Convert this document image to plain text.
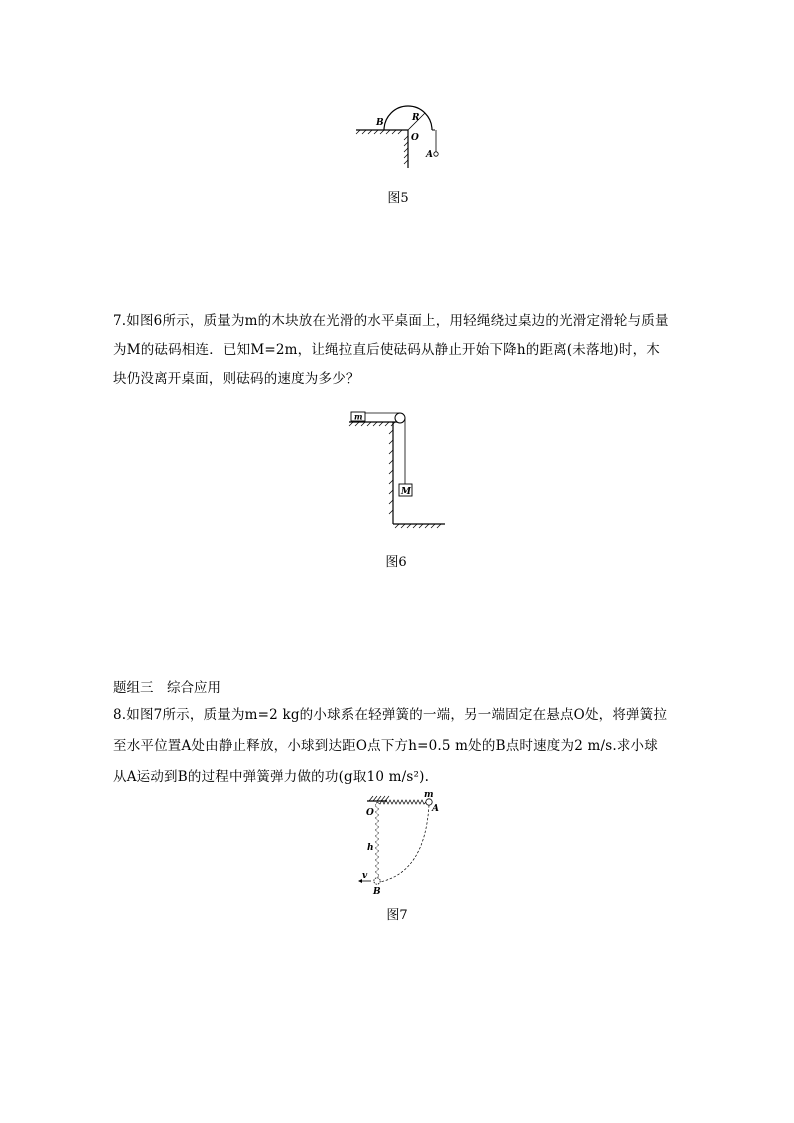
B	R
O
A
图5
7.如图6所示，质量为m的木块放在光滑的水平桌面上，用轻绳绕过桌边的光滑定滑轮与质量
为M的砝码相连．已知M=2m，让绳拉直后使砝码从静止开始下降h的距离(未落地)时，木
块仍没离开桌面，则砝码的速度为多少？
m
M
图6
题组三　综合应用
8.如图7所示，质量为m=2 kg的小球系在轻弹簧的一端，另一端固定在悬点O处，将弹簧拉
至水平位置A处由静止释放，小球到达距O点下方h=0.5 m处的B点时速度为2 m/s.求小球
从A运动到B的过程中弹簧弹力做的功(g取10 m/s²).
O
m
A
h
v
B
图7
